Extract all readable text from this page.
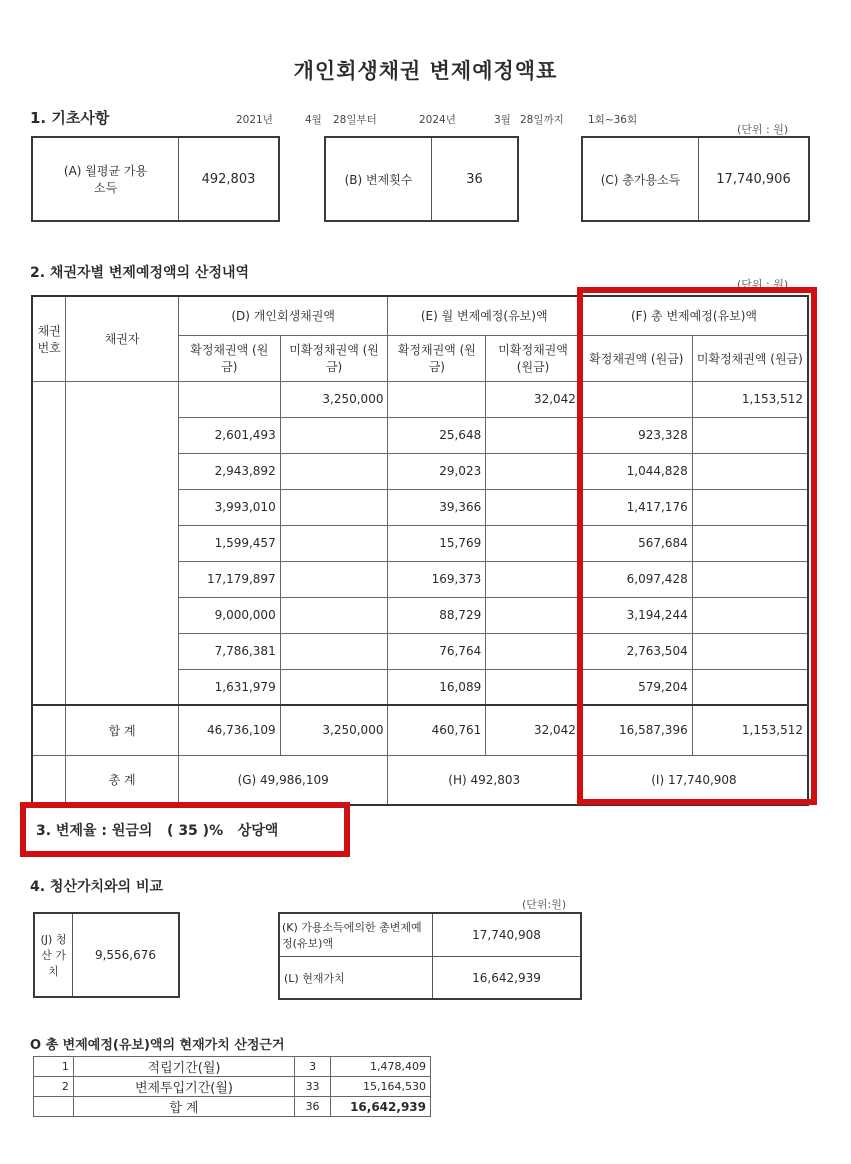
개인회생채권 변제예정액표
1. 기초사항	2021년	4월 28일부터	2024년	3월 28일까지 1회~36회
(단위 : 원)
(A) 월평균 가용소득
492,803	(B) 변제횟수	36	(C) 총가용소득	17,740,906
2. 채권자별 변제예정액의 산정내역
(단위 : 원)
채권 번호	채권자	(D) 개인회생채권액		(E) 월 변제예정(유보)액		(F) 총 변제예정(유보)액	
		확정채권액 (원금)	미확정채권액 (원금)	확정채권액 (원금)	미확정채권액 (원금)	확정채권액 (원금)	미확정채권액 (원금)
			3,250,000		32,042		1,153,512
		2,601,493		25,648		923,328	
		2,943,892		29,023		1,044,828	
		3,993,010		39,366		1,417,176	
		1,599,457		15,769		567,684	
		17,179,897		169,373		6,097,428	
		9,000,000		88,729		3,194,244	
		7,786,381		76,764		2,763,504	
		1,631,979		16,089		579,204	
	합 계	46,736,109	3,250,000	460,761	32,042	16,587,396	1,153,512
	총 계	(G) 49,986,109		(H) 492,803		(I) 17,740,908	
3. 변제율 : 원금의   ( 35 )%   상당액
4. 청산가치와의 비교
(단위:원)
(J) 청산 가치
9,556,676
(K) 가용소득에의한 총변제예정(유보)액
17,740,908
(L) 현재가치	16,642,939
O 총 변제예정(유보)액의 현재가치 산정근거
1	적립기간(월)	3	1,478,409
2	변제투입기간(월)	33	15,164,530
	합 계	36	16,642,939
